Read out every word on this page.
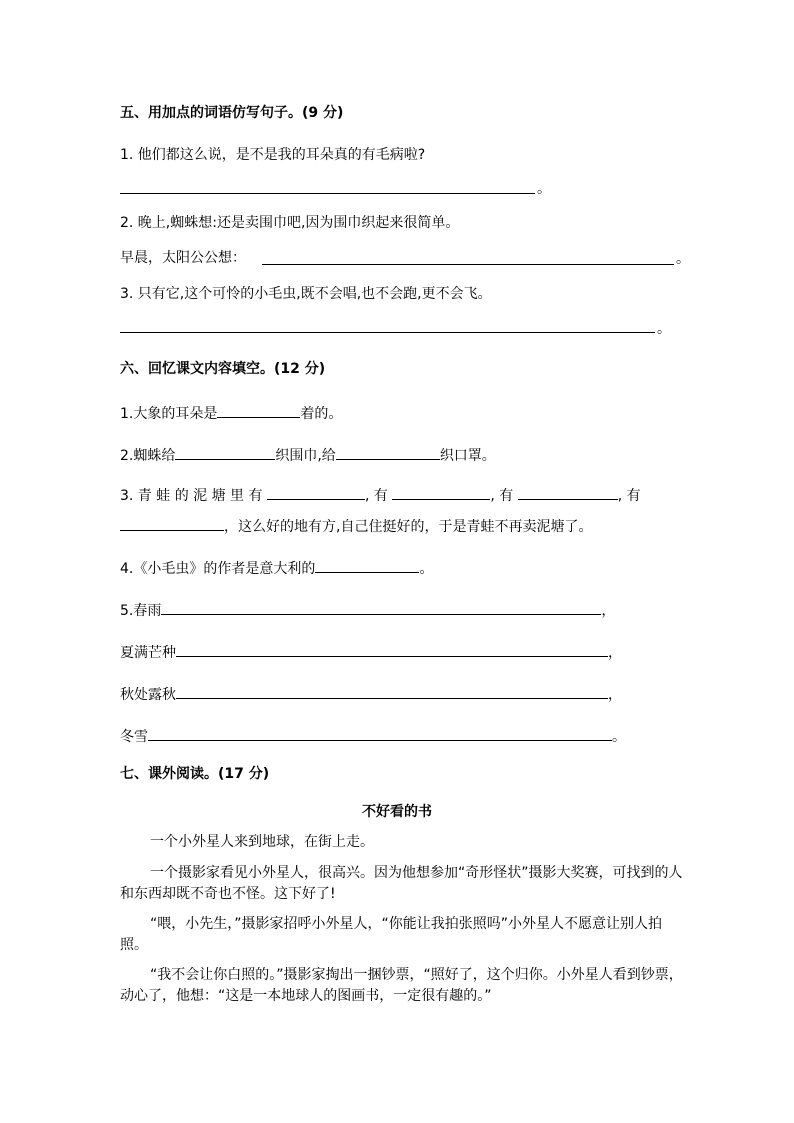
五、用加点的词语仿写句子。(9 分)
1. 他们都这么说，是不是我的耳朵真的有毛病啦?
。
2. 晚上,蜘蛛想:还是卖围巾吧,因为围巾织起来很简单。
早晨，太阳公公想：	。
3. 只有它,这个可怜的小毛虫,既不会唱,也不会跑,更不会飞。
。
六、回忆课文内容填空。(12 分)
1.大象的耳朵是	着的。
2.蜘蛛给	织围巾,给	织口罩。
3. 青 蛙 的 泥 塘 里 有	, 有	, 有	, 有
，这么好的地有方,自己住挺好的，于是青蛙不再卖泥塘了。
4.《小毛虫》的作者是意大利的	。
5.春雨	，
夏满芒种	，
秋处露秋	，
冬雪	。
七、课外阅读。(17 分)
不好看的书
一个小外星人来到地球，在街上走。
一个摄影家看见小外星人，很高兴。因为他想参加“奇形怪状”摄影大奖赛，可找到的人和东西却既不奇也不怪。这下好了!
“喂，小先生，”摄影家招呼小外星人，“你能让我拍张照吗”小外星人不愿意让别人拍照。
“我不会让你白照的。”摄影家掏出一捆钞票，“照好了，这个归你。小外星人看到钞票，动心了，他想：“这是一本地球人的图画书，一定很有趣的。”
